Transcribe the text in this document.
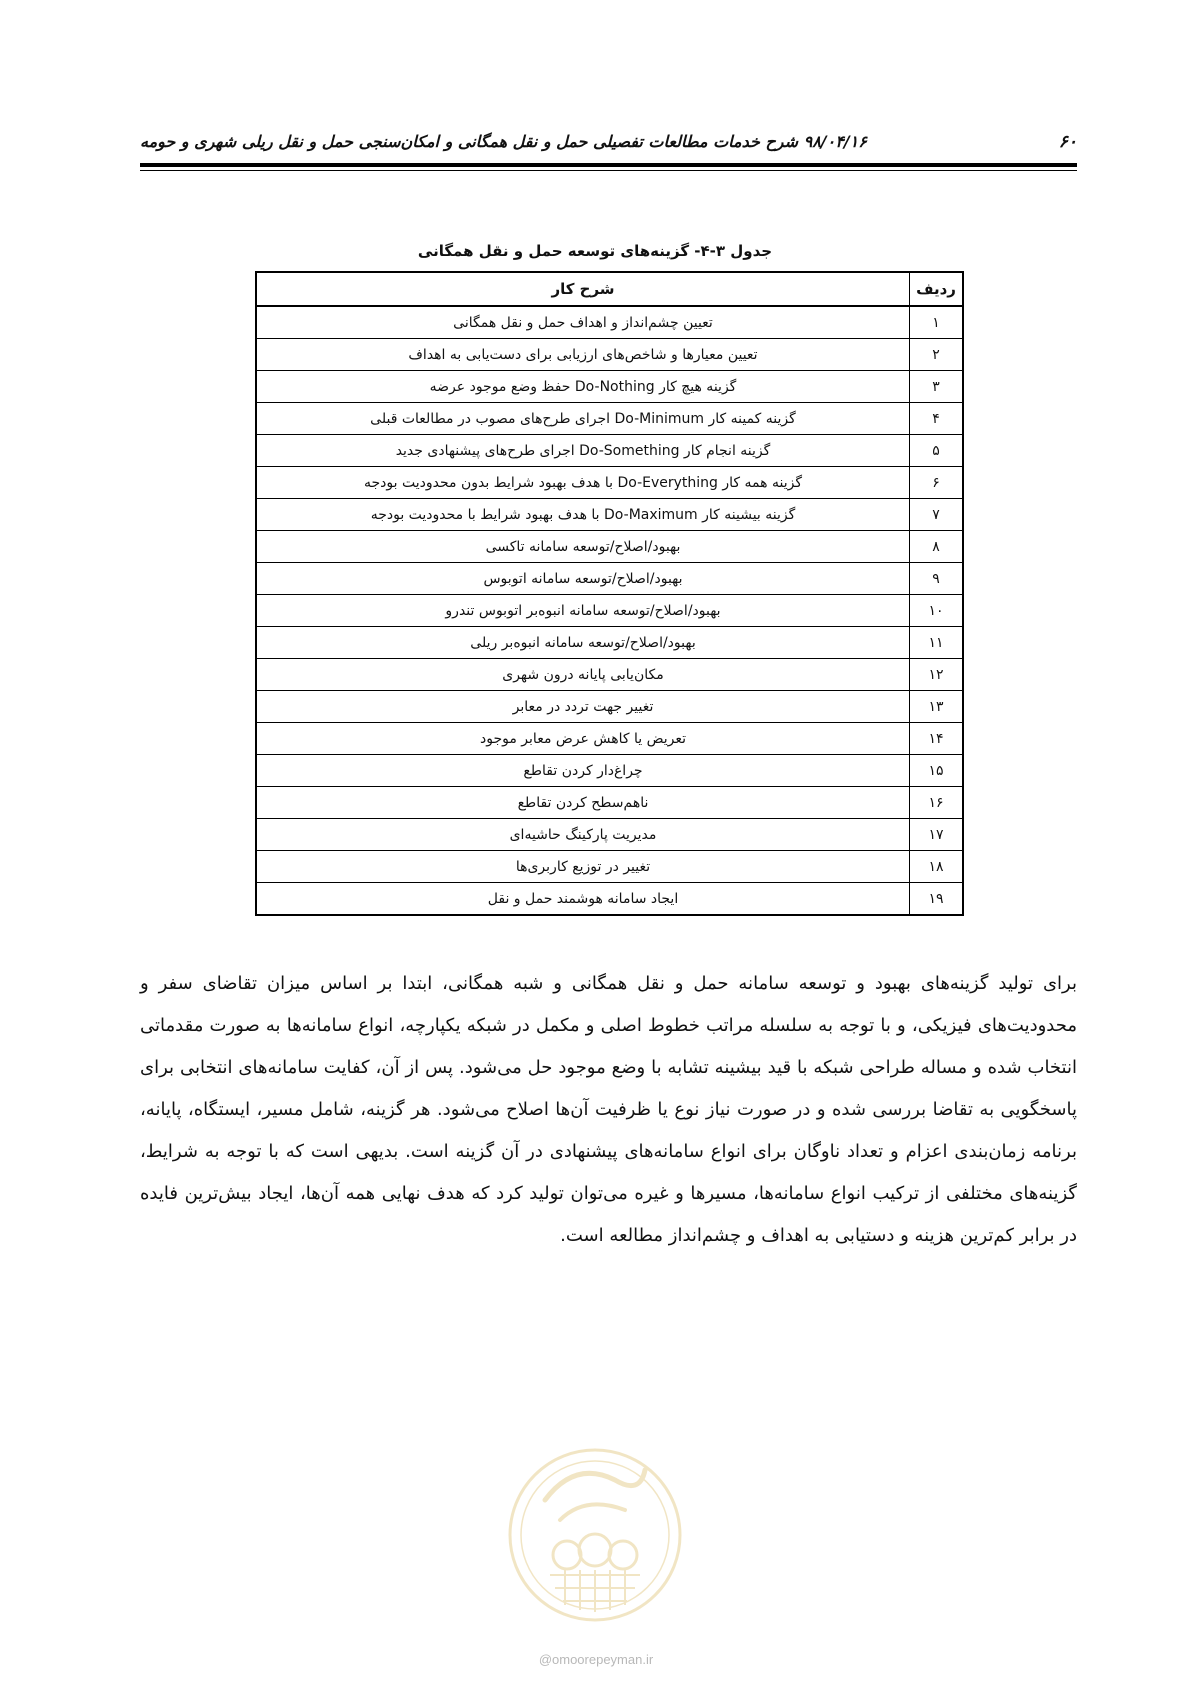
۶۰
۹۸/۰۴/۱۶ شرح خدمات مطالعات تفصیلی حمل و نقل همگانی و امکان‌سنجی حمل و نقل ریلی شهری و حومه
جدول ۳-۴- گزینه‌های توسعه حمل و نقل همگانی
ردیف	شرح کار
۱	تعیین چشم‌انداز و اهداف حمل و نقل همگانی
۲	تعیین معیارها و شاخص‌های ارزیابی برای دست‌یابی به اهداف
۳	گزینه هیچ کار Do-Nothing حفظ وضع موجود عرضه
۴	گزینه کمینه کار Do-Minimum اجرای طرح‌های مصوب در مطالعات قبلی
۵	گزینه انجام کار Do-Something اجرای طرح‌های پیشنهادی جدید
۶	گزینه همه کار Do-Everything با هدف بهبود شرایط بدون محدودیت بودجه
۷	گزینه بیشینه کار Do-Maximum با هدف بهبود شرایط با محدودیت بودجه
۸	بهبود/اصلاح/توسعه سامانه تاکسی
۹	بهبود/اصلاح/توسعه سامانه اتوبوس
۱۰	بهبود/اصلاح/توسعه سامانه انبوه‌بر اتوبوس تندرو
۱۱	بهبود/اصلاح/توسعه سامانه انبوه‌بر ریلی
۱۲	مکان‌یابی پایانه درون شهری
۱۳	تغییر جهت تردد در معابر
۱۴	تعریض یا کاهش عرض معابر موجود
۱۵	چراغ‌دار کردن تقاطع
۱۶	ناهم‌سطح کردن تقاطع
۱۷	مدیریت پارکینگ حاشیه‌ای
۱۸	تغییر در توزیع کاربری‌ها
۱۹	ایجاد سامانه هوشمند حمل و نقل
برای تولید گزینه‌های بهبود و توسعه سامانه حمل و نقل همگانی و شبه همگانی، ابتدا بر اساس میزان تقاضای سفر و محدودیت‌های فیزیکی، و با توجه به سلسله مراتب خطوط اصلی و مکمل در شبکه یکپارچه، انواع سامانه‌ها به صورت مقدماتی انتخاب شده و مساله طراحی شبکه با قید بیشینه تشابه با وضع موجود حل می‌شود. پس از آن، کفایت سامانه‌های انتخابی برای پاسخگویی به تقاضا بررسی شده و در صورت نیاز نوع یا ظرفیت آن‌ها اصلاح می‌شود. هر گزینه، شامل مسیر، ایستگاه، پایانه، برنامه زمان‌بندی اعزام و تعداد ناوگان برای انواع سامانه‌های پیشنهادی در آن گزینه است. بدیهی است که با توجه به شرایط، گزینه‌های مختلفی از ترکیب انواع سامانه‌ها، مسیرها و غیره می‌توان تولید کرد که هدف نهایی همه آن‌ها، ایجاد بیش‌ترین فایده در برابر کم‌ترین هزینه و دستیابی به اهداف و چشم‌انداز مطالعه است.
@omoorepeyman.ir
